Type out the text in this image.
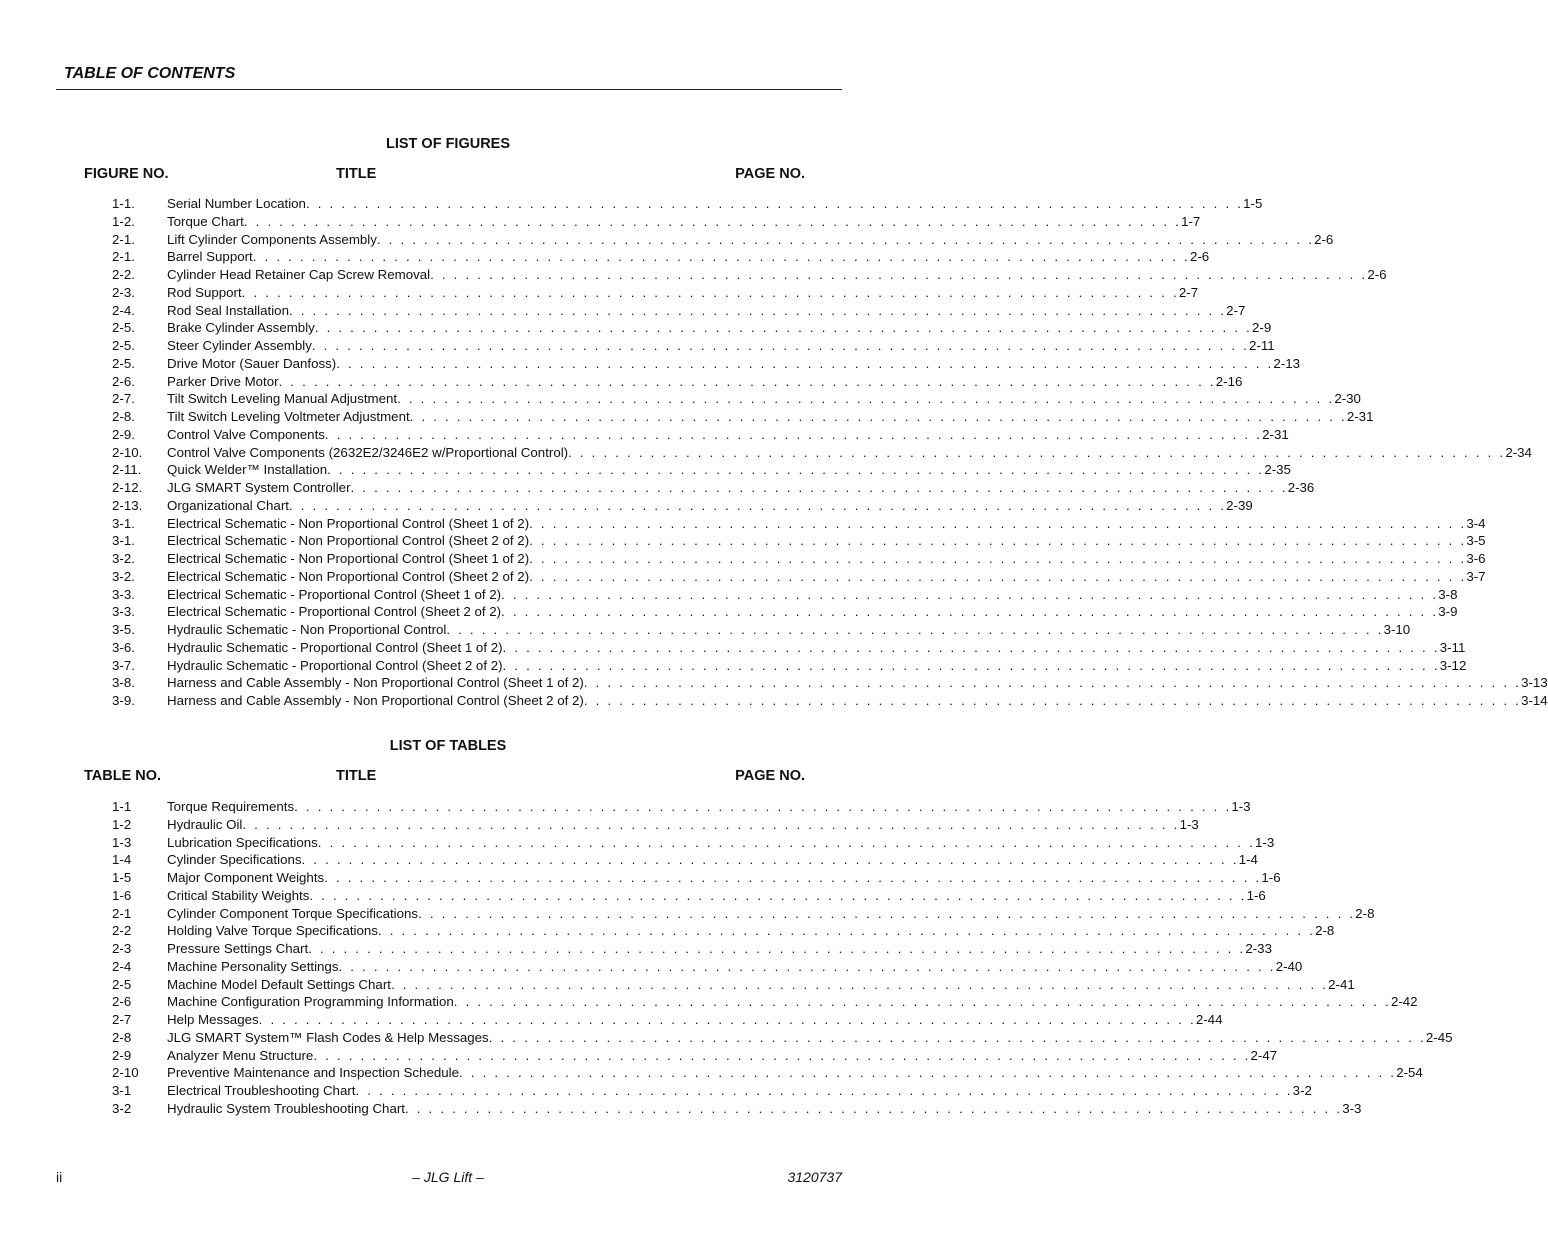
TABLE OF CONTENTS
LIST OF FIGURES
FIGURE NO.	TITLE	PAGE NO.
1-1.	Serial Number Location . . . . . . . . . . . . . . . . . . . . . . . . . . . . . . . . . . . . . . . . . . . . . . . . . . . . . . . . . . . . . . . . . . . . . . . . . . . . . . . . 1-5
1-2.	Torque Chart . . . . . . . . . . . . . . . . . . . . . . . . . . . . . . . . . . . . . . . . . . . . . . . . . . . . . . . . . . . . . . . . . . . . . . . . . . . . . . . . 1-7
2-1.	Lift Cylinder Components Assembly . . . . . . . . . . . . . . . . . . . . . . . . . . . . . . . . . . . . . . . . . . . . . . . . . . . . . . . . . . . . . . . . . . . . . . . . . . . . . . . . 2-6
2-1.	Barrel Support . . . . . . . . . . . . . . . . . . . . . . . . . . . . . . . . . . . . . . . . . . . . . . . . . . . . . . . . . . . . . . . . . . . . . . . . . . . . . . . . 2-6
2-2.	Cylinder Head Retainer Cap Screw Removal . . . . . . . . . . . . . . . . . . . . . . . . . . . . . . . . . . . . . . . . . . . . . . . . . . . . . . . . . . . . . . . . . . . . . . . . . . . . . . . . 2-6
2-3.	Rod Support . . . . . . . . . . . . . . . . . . . . . . . . . . . . . . . . . . . . . . . . . . . . . . . . . . . . . . . . . . . . . . . . . . . . . . . . . . . . . . . . 2-7
2-4.	Rod Seal Installation . . . . . . . . . . . . . . . . . . . . . . . . . . . . . . . . . . . . . . . . . . . . . . . . . . . . . . . . . . . . . . . . . . . . . . . . . . . . . . . . 2-7
2-5.	Brake Cylinder Assembly . . . . . . . . . . . . . . . . . . . . . . . . . . . . . . . . . . . . . . . . . . . . . . . . . . . . . . . . . . . . . . . . . . . . . . . . . . . . . . . . 2-9
2-5.	Steer Cylinder Assembly . . . . . . . . . . . . . . . . . . . . . . . . . . . . . . . . . . . . . . . . . . . . . . . . . . . . . . . . . . . . . . . . . . . . . . . . . . . . . . . . 2-11
2-5.	Drive Motor (Sauer Danfoss) . . . . . . . . . . . . . . . . . . . . . . . . . . . . . . . . . . . . . . . . . . . . . . . . . . . . . . . . . . . . . . . . . . . . . . . . . . . . . . . . 2-13
2-6.	Parker Drive Motor . . . . . . . . . . . . . . . . . . . . . . . . . . . . . . . . . . . . . . . . . . . . . . . . . . . . . . . . . . . . . . . . . . . . . . . . . . . . . . . . 2-16
2-7.	Tilt Switch Leveling Manual Adjustment . . . . . . . . . . . . . . . . . . . . . . . . . . . . . . . . . . . . . . . . . . . . . . . . . . . . . . . . . . . . . . . . . . . . . . . . . . . . . . . . 2-30
2-8.	Tilt Switch Leveling Voltmeter Adjustment . . . . . . . . . . . . . . . . . . . . . . . . . . . . . . . . . . . . . . . . . . . . . . . . . . . . . . . . . . . . . . . . . . . . . . . . . . . . . . . . 2-31
2-9.	Control Valve Components . . . . . . . . . . . . . . . . . . . . . . . . . . . . . . . . . . . . . . . . . . . . . . . . . . . . . . . . . . . . . . . . . . . . . . . . . . . . . . . . 2-31
2-10.	Control Valve Components (2632E2/3246E2 w/Proportional Control) . . . . . . . . . . . . . . . . . . . . . . . . . . . . . . . . . . . . . . . . . . . . . . . . . . . . . . . . . . . . . . . . . . . . . . . . . . . . . . . . 2-34
2-11.	Quick Welder™ Installation . . . . . . . . . . . . . . . . . . . . . . . . . . . . . . . . . . . . . . . . . . . . . . . . . . . . . . . . . . . . . . . . . . . . . . . . . . . . . . . . 2-35
2-12.	JLG SMART System Controller . . . . . . . . . . . . . . . . . . . . . . . . . . . . . . . . . . . . . . . . . . . . . . . . . . . . . . . . . . . . . . . . . . . . . . . . . . . . . . . . 2-36
2-13.	Organizational Chart . . . . . . . . . . . . . . . . . . . . . . . . . . . . . . . . . . . . . . . . . . . . . . . . . . . . . . . . . . . . . . . . . . . . . . . . . . . . . . . . 2-39
3-1.	Electrical Schematic - Non Proportional Control (Sheet 1 of 2) . . . . . . . . . . . . . . . . . . . . . . . . . . . . . . . . . . . . . . . . . . . . . . . . . . . . . . . . . . . . . . . . . . . . . . . . . . . . . . . . 3-4
3-1.	Electrical Schematic - Non Proportional Control (Sheet 2 of 2) . . . . . . . . . . . . . . . . . . . . . . . . . . . . . . . . . . . . . . . . . . . . . . . . . . . . . . . . . . . . . . . . . . . . . . . . . . . . . . . . 3-5
3-2.	Electrical Schematic - Non Proportional Control (Sheet 1 of 2) . . . . . . . . . . . . . . . . . . . . . . . . . . . . . . . . . . . . . . . . . . . . . . . . . . . . . . . . . . . . . . . . . . . . . . . . . . . . . . . . 3-6
3-2.	Electrical Schematic - Non Proportional Control (Sheet 2 of 2) . . . . . . . . . . . . . . . . . . . . . . . . . . . . . . . . . . . . . . . . . . . . . . . . . . . . . . . . . . . . . . . . . . . . . . . . . . . . . . . . 3-7
3-3.	Electrical Schematic - Proportional Control (Sheet 1 of 2) . . . . . . . . . . . . . . . . . . . . . . . . . . . . . . . . . . . . . . . . . . . . . . . . . . . . . . . . . . . . . . . . . . . . . . . . . . . . . . . . 3-8
3-3.	Electrical Schematic - Proportional Control (Sheet 2 of 2) . . . . . . . . . . . . . . . . . . . . . . . . . . . . . . . . . . . . . . . . . . . . . . . . . . . . . . . . . . . . . . . . . . . . . . . . . . . . . . . . 3-9
3-5.	Hydraulic Schematic - Non Proportional Control . . . . . . . . . . . . . . . . . . . . . . . . . . . . . . . . . . . . . . . . . . . . . . . . . . . . . . . . . . . . . . . . . . . . . . . . . . . . . . . . 3-10
3-6.	Hydraulic Schematic - Proportional Control (Sheet 1 of 2) . . . . . . . . . . . . . . . . . . . . . . . . . . . . . . . . . . . . . . . . . . . . . . . . . . . . . . . . . . . . . . . . . . . . . . . . . . . . . . . . 3-11
3-7.	Hydraulic Schematic - Proportional Control (Sheet 2 of 2) . . . . . . . . . . . . . . . . . . . . . . . . . . . . . . . . . . . . . . . . . . . . . . . . . . . . . . . . . . . . . . . . . . . . . . . . . . . . . . . . 3-12
3-8.	Harness and Cable Assembly - Non Proportional Control (Sheet 1 of 2) . . . . . . . . . . . . . . . . . . . . . . . . . . . . . . . . . . . . . . . . . . . . . . . . . . . . . . . . . . . . . . . . . . . . . . . . . . . . . . . . 3-13
3-9.	Harness and Cable Assembly - Non Proportional Control (Sheet 2 of 2) . . . . . . . . . . . . . . . . . . . . . . . . . . . . . . . . . . . . . . . . . . . . . . . . . . . . . . . . . . . . . . . . . . . . . . . . . . . . . . . . 3-14
LIST OF TABLES
TABLE NO.	TITLE	PAGE NO.
1-1	Torque Requirements . . . . . . . . . . . . . . . . . . . . . . . . . . . . . . . . . . . . . . . . . . . . . . . . . . . . . . . . . . . . . . . . . . . . . . . . . . . . . . . . 1-3
1-2	Hydraulic Oil . . . . . . . . . . . . . . . . . . . . . . . . . . . . . . . . . . . . . . . . . . . . . . . . . . . . . . . . . . . . . . . . . . . . . . . . . . . . . . . . 1-3
1-3	Lubrication Specifications . . . . . . . . . . . . . . . . . . . . . . . . . . . . . . . . . . . . . . . . . . . . . . . . . . . . . . . . . . . . . . . . . . . . . . . . . . . . . . . . 1-3
1-4	Cylinder Specifications . . . . . . . . . . . . . . . . . . . . . . . . . . . . . . . . . . . . . . . . . . . . . . . . . . . . . . . . . . . . . . . . . . . . . . . . . . . . . . . . 1-4
1-5	Major Component Weights . . . . . . . . . . . . . . . . . . . . . . . . . . . . . . . . . . . . . . . . . . . . . . . . . . . . . . . . . . . . . . . . . . . . . . . . . . . . . . . . 1-6
1-6	Critical Stability Weights . . . . . . . . . . . . . . . . . . . . . . . . . . . . . . . . . . . . . . . . . . . . . . . . . . . . . . . . . . . . . . . . . . . . . . . . . . . . . . . . 1-6
2-1	Cylinder Component Torque Specifications . . . . . . . . . . . . . . . . . . . . . . . . . . . . . . . . . . . . . . . . . . . . . . . . . . . . . . . . . . . . . . . . . . . . . . . . . . . . . . . . 2-8
2-2	Holding Valve Torque Specifications . . . . . . . . . . . . . . . . . . . . . . . . . . . . . . . . . . . . . . . . . . . . . . . . . . . . . . . . . . . . . . . . . . . . . . . . . . . . . . . . 2-8
2-3	Pressure Settings Chart . . . . . . . . . . . . . . . . . . . . . . . . . . . . . . . . . . . . . . . . . . . . . . . . . . . . . . . . . . . . . . . . . . . . . . . . . . . . . . . . 2-33
2-4	Machine Personality Settings . . . . . . . . . . . . . . . . . . . . . . . . . . . . . . . . . . . . . . . . . . . . . . . . . . . . . . . . . . . . . . . . . . . . . . . . . . . . . . . . 2-40
2-5	Machine Model Default Settings Chart . . . . . . . . . . . . . . . . . . . . . . . . . . . . . . . . . . . . . . . . . . . . . . . . . . . . . . . . . . . . . . . . . . . . . . . . . . . . . . . . 2-41
2-6	Machine Configuration Programming Information . . . . . . . . . . . . . . . . . . . . . . . . . . . . . . . . . . . . . . . . . . . . . . . . . . . . . . . . . . . . . . . . . . . . . . . . . . . . . . . . 2-42
2-7	Help Messages . . . . . . . . . . . . . . . . . . . . . . . . . . . . . . . . . . . . . . . . . . . . . . . . . . . . . . . . . . . . . . . . . . . . . . . . . . . . . . . . 2-44
2-8	JLG SMART System™ Flash Codes & Help Messages . . . . . . . . . . . . . . . . . . . . . . . . . . . . . . . . . . . . . . . . . . . . . . . . . . . . . . . . . . . . . . . . . . . . . . . . . . . . . . . . 2-45
2-9	Analyzer Menu Structure . . . . . . . . . . . . . . . . . . . . . . . . . . . . . . . . . . . . . . . . . . . . . . . . . . . . . . . . . . . . . . . . . . . . . . . . . . . . . . . . 2-47
2-10	Preventive Maintenance and Inspection Schedule . . . . . . . . . . . . . . . . . . . . . . . . . . . . . . . . . . . . . . . . . . . . . . . . . . . . . . . . . . . . . . . . . . . . . . . . . . . . . . . . 2-54
3-1	Electrical Troubleshooting Chart . . . . . . . . . . . . . . . . . . . . . . . . . . . . . . . . . . . . . . . . . . . . . . . . . . . . . . . . . . . . . . . . . . . . . . . . . . . . . . . . 3-2
3-2	Hydraulic System Troubleshooting Chart . . . . . . . . . . . . . . . . . . . . . . . . . . . . . . . . . . . . . . . . . . . . . . . . . . . . . . . . . . . . . . . . . . . . . . . . . . . . . . . . 3-3
ii	– JLG Lift –	3120737
